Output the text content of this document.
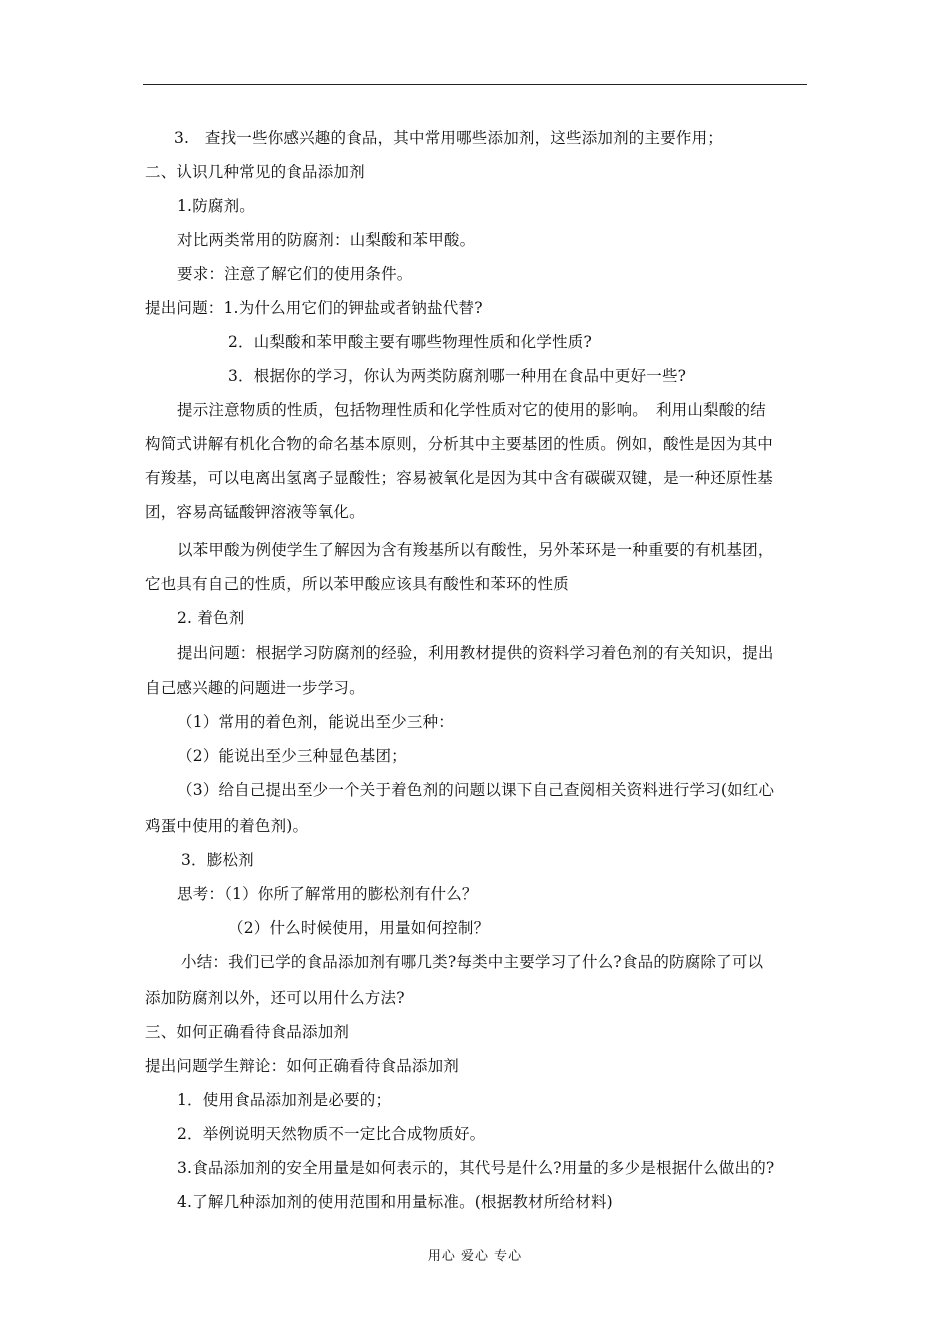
3.　查找一些你感兴趣的食品，其中常用哪些添加剂，这些添加剂的主要作用；
二、认识几种常见的食品添加剂
1.防腐剂。
对比两类常用的防腐剂：山梨酸和苯甲酸。
要求：注意了解它们的使用条件。
提出问题：1.为什么用它们的钾盐或者钠盐代替?
2．山梨酸和苯甲酸主要有哪些物理性质和化学性质?
3．根据你的学习，你认为两类防腐剂哪一种用在食品中更好一些?
提示注意物质的性质，包括物理性质和化学性质对它的使用的影响。　利用山梨酸的结
构简式讲解有机化合物的命名基本原则，分析其中主要基团的性质。例如，酸性是因为其中
有羧基，可以电离出氢离子显酸性；容易被氧化是因为其中含有碳碳双键，是一种还原性基
团，容易高锰酸钾溶液等氧化。
以苯甲酸为例使学生了解因为含有羧基所以有酸性，另外苯环是一种重要的有机基团，
它也具有自己的性质，所以苯甲酸应该具有酸性和苯环的性质
2. 着色剂
提出问题：根据学习防腐剂的经验，利用教材提供的资料学习着色剂的有关知识，提出
自己感兴趣的问题进一步学习。
（1）常用的着色剂，能说出至少三种：
（2）能说出至少三种显色基团；
（3）给自己提出至少一个关于着色剂的问题以课下自己查阅相关资料进行学习(如红心
鸡蛋中使用的着色剂)。
3．膨松剂
思考：（1）你所了解常用的膨松剂有什么？
（2）什么时候使用，用量如何控制？
小结：我们已学的食品添加剂有哪几类?每类中主要学习了什么?食品的防腐除了可以
添加防腐剂以外，还可以用什么方法?
三、如何正确看待食品添加剂
提出问题学生辩论：如何正确看待食品添加剂
1．使用食品添加剂是必要的；
2．举例说明天然物质不一定比合成物质好。
3.食品添加剂的安全用量是如何表示的，其代号是什么?用量的多少是根据什么做出的?
4.了解几种添加剂的使用范围和用量标准。(根据教材所给材料)
用心 爱心 专心
